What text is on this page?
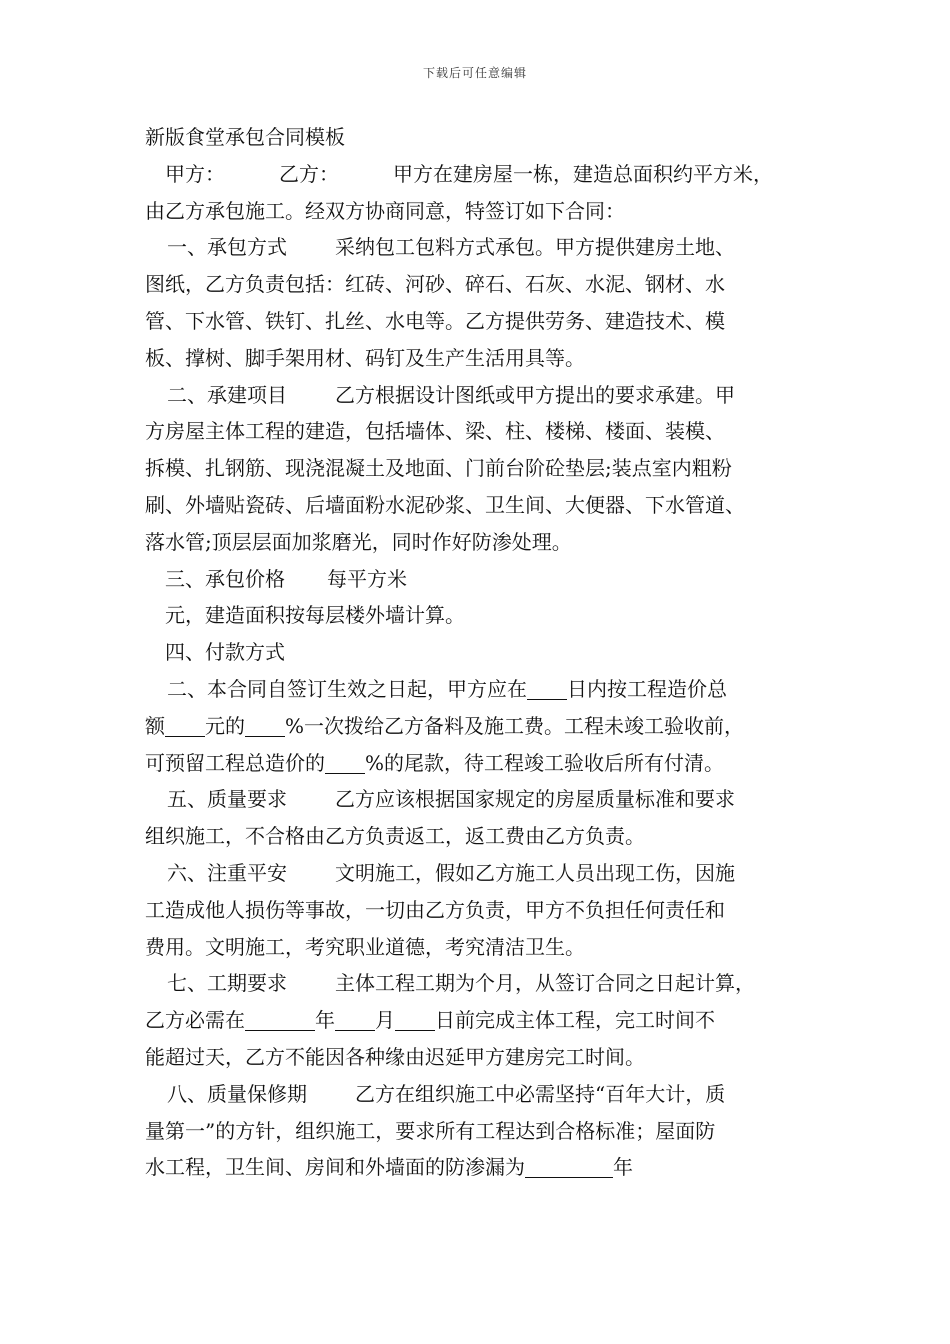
下载后可任意编辑
新版食堂承包合同模板
甲方：	乙方：	甲方在建房屋一栋，建造总面积约平方米，
由乙方承包施工。经双方协商同意，特签订如下合同：
一、承包方式 采纳包工包料方式承包。甲方提供建房土地、
图纸，乙方负责包括：红砖、河砂、碎石、石灰、水泥、钢材、水
管、下水管、铁钉、扎丝、水电等。乙方提供劳务、建造技术、模
板、撑树、脚手架用材、码钉及生产生活用具等。
二、承建项目 乙方根据设计图纸或甲方提出的要求承建。甲
方房屋主体工程的建造，包括墙体、梁、柱、楼梯、楼面、装模、
拆模、扎钢筋、现浇混凝土及地面、门前台阶砼垫层;装点室内粗粉
刷、外墙贴瓷砖、后墙面粉水泥砂浆、卫生间、大便器、下水管道、
落水管;顶层层面加浆磨光，同时作好防渗处理。
三、承包价格 每平方米
元，建造面积按每层楼外墙计算。
四、付款方式
二、本合同自签订生效之日起，甲方应在 日内按工程造价总
额 元的 %一次拨给乙方备料及施工费。工程未竣工验收前，
可预留工程总造价的 %的尾款，待工程竣工验收后所有付清。
五、质量要求 乙方应该根据国家规定的房屋质量标准和要求
组织施工，不合格由乙方负责返工，返工费由乙方负责。
六、注重平安 文明施工，假如乙方施工人员出现工伤，因施
工造成他人损伤等事故，一切由乙方负责，甲方不负担任何责任和
费用。文明施工，考究职业道德，考究清洁卫生。
七、工期要求 主体工程工期为个月，从签订合同之日起计算，
乙方必需在	年 月 日前完成主体工程，完工时间不
能超过天，乙方不能因各种缘由迟延甲方建房完工时间。
八、质量保修期 乙方在组织施工中必需坚持“百年大计，质
量第一”的方针，组织施工，要求所有工程达到合格标准；屋面防
水工程，卫生间、房间和外墙面的防渗漏为	年
